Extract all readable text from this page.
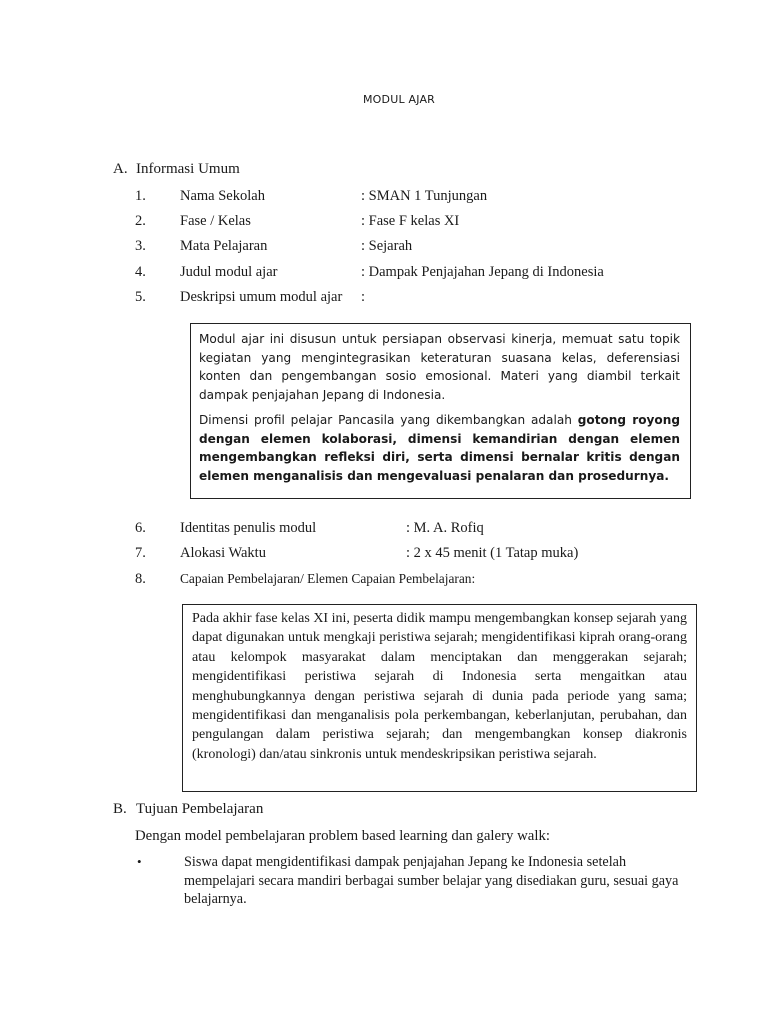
MODUL AJAR
A. Informasi Umum
1.	Nama Sekolah	: SMAN 1 Tunjungan
2.	Fase / Kelas	: Fase F kelas XI
3.	Mata Pelajaran	: Sejarah
4.	Judul modul ajar	: Dampak Penjajahan Jepang di Indonesia
5.	Deskripsi umum modul ajar :

Modul ajar ini disusun untuk persiapan observasi kinerja, memuat satu topik kegiatan yang mengintegrasikan keteraturan suasana kelas, deferensiasi konten dan pengembangan sosio emosional. Materi yang diambil terkait dampak penjajahan Jepang di Indonesia.

Dimensi profil pelajar Pancasila yang dikembangkan adalah gotong royong dengan elemen kolaborasi, dimensi kemandirian dengan elemen mengembangkan refleksi diri, serta dimensi bernalar kritis dengan elemen menganalisis dan mengevaluasi penalaran dan prosedurnya.

6.	Identitas penulis modul	: M. A. Rofiq
7.	Alokasi Waktu	: 2 x 45 menit (1 Tatap muka)
8.	Capaian Pembelajaran/ Elemen Capaian Pembelajaran:

Pada akhir fase kelas XI ini, peserta didik mampu mengembangkan konsep sejarah yang dapat digunakan untuk mengkaji peristiwa sejarah; mengidentifikasi kiprah orang-orang atau kelompok masyarakat dalam menciptakan dan menggerakan sejarah; mengidentifikasi peristiwa sejarah di Indonesia serta mengaitkan atau menghubungkannya dengan peristiwa sejarah di dunia pada periode yang sama; mengidentifikasi dan menganalisis pola perkembangan, keberlanjutan, perubahan, dan pengulangan dalam peristiwa sejarah; dan mengembangkan konsep diakronis (kronologi) dan/atau sinkronis untuk mendeskripsikan peristiwa sejarah.

B. Tujuan Pembelajaran
Dengan model pembelajaran problem based learning dan galery walk:
•	Siswa dapat mengidentifikasi dampak penjajahan Jepang ke Indonesia setelah mempelajari secara mandiri berbagai sumber belajar yang disediakan guru, sesuai gaya belajarnya.
